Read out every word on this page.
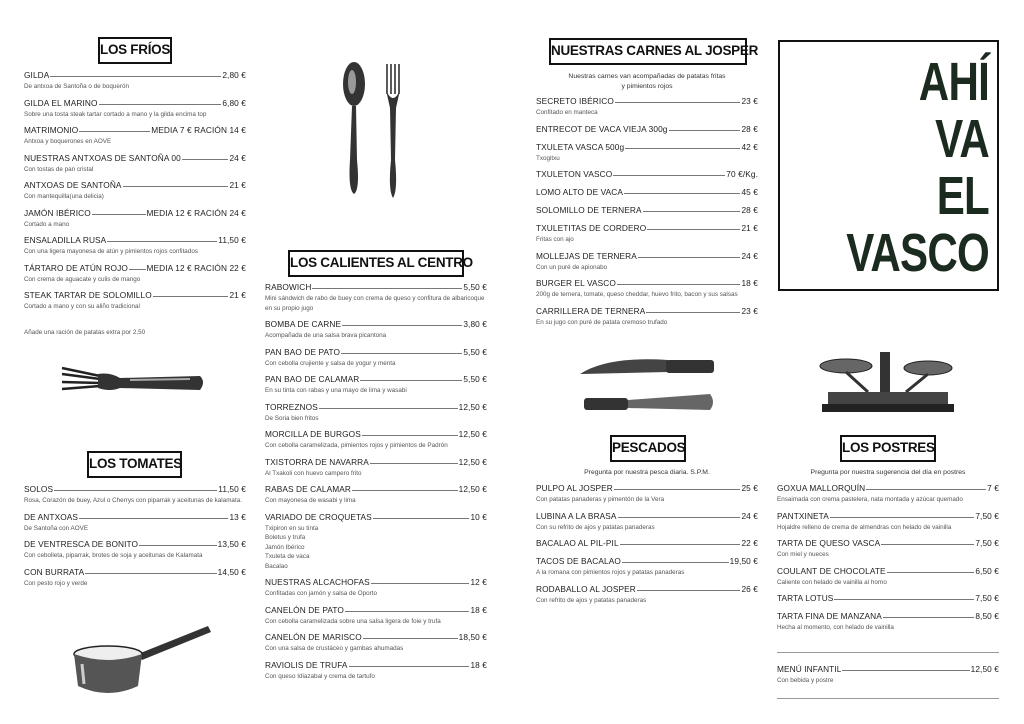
LOS FRÍOS
GILDA	2,80 €
De antxoa de Santoña o de boquerón
GILDA EL MARINO	6,80 €
Sobre una tosta steak tartar cortado a mano y la gilda encima top
MATRIMONIO	MEDIA 7 € RACIÓN 14 €
Antxoa y boquerones en AOVE
NUESTRAS ANTXOAS DE SANTOÑA 00	24 €
Con tostas de pan cristal
ANTXOAS DE SANTOÑA	21 €
Con mantequilla(una delicia)
JAMÓN IBÉRICO	MEDIA 12 € RACIÓN 24 €
Cortado a mano
ENSALADILLA RUSA	11,50 €
Con una ligera mayonesa de atún y pimientos rojos confitados
TÁRTARO DE ATÚN ROJO MEDIA 12 € RACIÓN 22 €
Con crema de aguacate y culis de mango
STEAK TARTAR DE SOLOMILLO	21 €
Cortado a mano y con su aliño tradicional
Añade una ración de patatas extra por 2,50
LOS TOMATES
SOLOS	11,50 €
Rosa, Corazón de buey, Azul o Cherrys con piparrak y aceitunas de kalamata.
DE ANTXOAS	13 €
De Santoña con AOVE
DE VENTRESCA DE BONITO	13,50 €
Con cebolleta, piparrak, brotes de soja y aceitunas de Kalamata
CON BURRATA	14,50 €
Con pesto rojo y verde
LOS CALIENTES AL CENTRO
RABOWICH	5,50 €
Mini sándwich de rabo de buey con crema de queso y confitura de albaricoque en su propio jugo
BOMBA DE CARNE	3,80 €
Acompañada de una salsa brava picantona
PAN BAO DE PATO	5,50 €
Con cebolla crujiente y salsa de yogur y menta
PAN BAO DE CALAMAR	5,50 €
En su tinta con rabas y una mayo de lima y wasabi
TORREZNOS	12,50 €
De Soria bien fritos
MORCILLA DE BURGOS	12,50 €
Con cebolla caramelizada, pimientos rojos y pimientos de Padrón
TXISTORRA DE NAVARRA	12,50 €
Al Txakoli con huevo campero frito
RABAS DE CALAMAR	12,50 €
Con mayonesa de wasabi y lima
VARIADO DE CROQUETAS	10 €
Txipiron en su tinta
Boletus y trufa
Jamón Ibérico
Txuleta de vaca
Bacalao
NUESTRAS ALCACHOFAS	12 €
Confitadas con jamón y salsa de Oporto
CANELÓN DE PATO	18 €
Con cebolla caramelizada sobre una salsa ligera de foie y trufa
CANELÓN DE MARISCO	18,50 €
Con una salsa de crustáceo y gambas ahumadas
RAVIOLIS DE TRUFA	18 €
Con queso Idiazabal y crema de tartufo
NUESTRAS CARNES AL JOSPER
Nuestras carnes van acompañadas de patatas fritas
y pimientos rojos
SECRETO IBÉRICO	23 €
Confitado en manteca
ENTRECOT DE VACA VIEJA 300g	28 €
TXULETA VASCA 500g	42 €
Txogitxu
TXULETON VASCO	70 €/Kg.
LOMO ALTO DE VACA	45 €
SOLOMILLO DE TERNERA	28 €
TXULETITAS DE CORDERO	21 €
Fritas con ajo
MOLLEJAS DE TERNERA	24 €
Con un puré de apionabo
BURGER EL VASCO	18 €
200g de ternera, tomate, queso cheddar, huevo frito, bacon y sus salsas
CARRILLERA DE TERNERA	23 €
En su jugo con puré de patata cremoso trufado
PESCADOS
Pregunta por nuestra pesca diaria. S.P.M.
PULPO AL JOSPER	25 €
Con patatas panaderas y pimentón de la Vera
LUBINA A LA BRASA	24 €
Con su refrito de ajos y patatas panaderas
BACALAO AL PIL-PIL	22 €
TACOS DE BACALAO	19,50 €
A la romana con pimientos rojos y patatas panaderas
RODABALLO AL JOSPER	26 €
Con refrito de ajos y patatas panaderas
AHÍ
VA
EL
VASCO
LOS POSTRES
Pregunta por nuestra sugerencia del día en postres
GOXUA MALLORQUÍN	7 €
Ensaimada con crema pastelera, nata montada y azúcar quemado
PANTXINETA	7,50 €
Hojaldre relleno de crema de almendras con helado de vainilla
TARTA DE QUESO VASCA	7,50 €
Con miel y nueces
COULANT DE CHOCOLATE	6,50 €
Caliente con helado de vainilla al horno
TARTA LOTUS	7,50 €
TARTA FINA DE MANZANA	8,50 €
Hecha al momento, con helado de vainilla
MENÚ INFANTIL	12,50 €
Con bebida y postre
